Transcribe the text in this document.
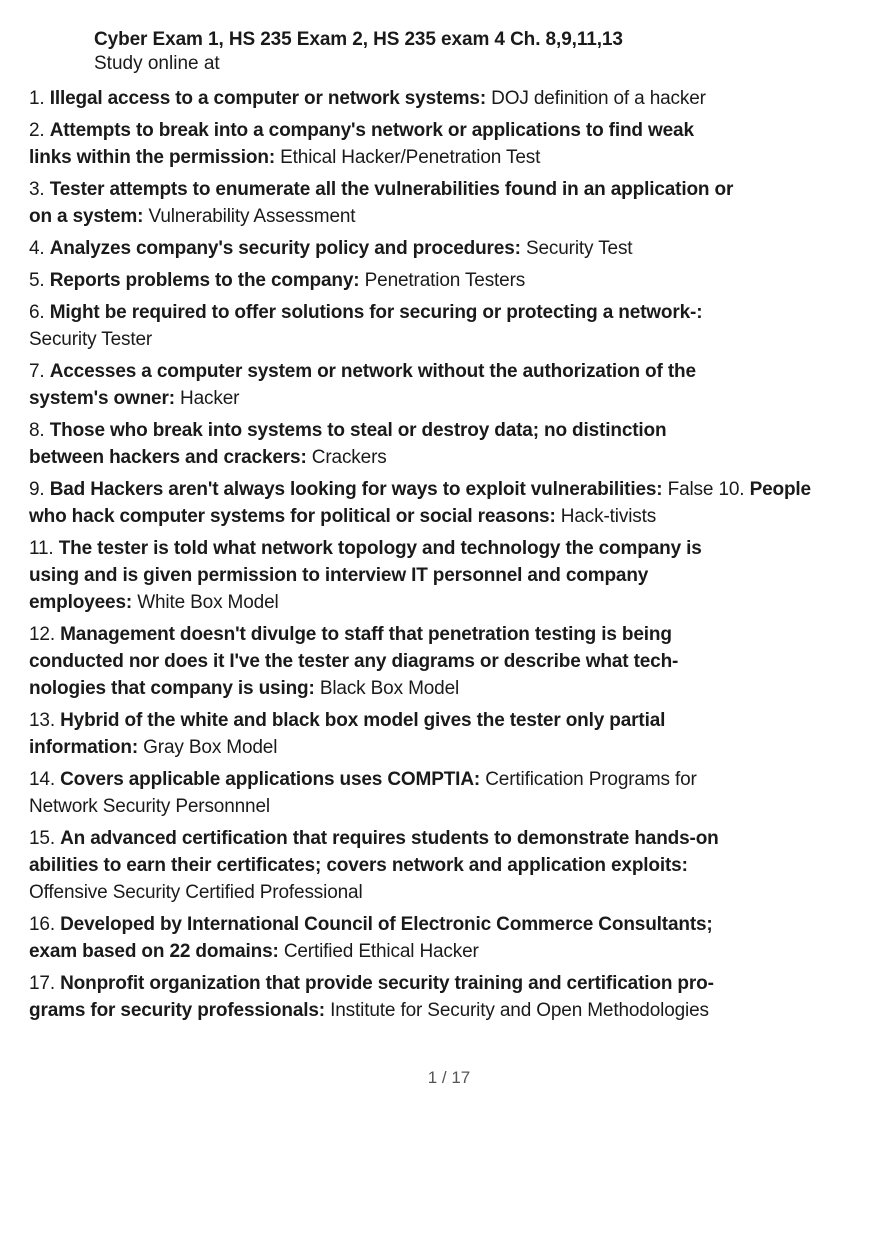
Cyber Exam 1, HS 235 Exam 2, HS 235 exam 4 Ch. 8,9,11,13
Study online at
1. Illegal access to a computer or network systems: DOJ definition of a hacker
2. Attempts to break into a company's network or applications to find weak links within the permission: Ethical Hacker/Penetration Test
3. Tester attempts to enumerate all the vulnerabilities found in an application or on a system: Vulnerability Assessment
4. Analyzes company's security policy and procedures: Security Test
5. Reports problems to the company: Penetration Testers
6. Might be required to offer solutions for securing or protecting a network-: Security Tester
7. Accesses a computer system or network without the authorization of the system's owner: Hacker
8. Those who break into systems to steal or destroy data; no distinction between hackers and crackers: Crackers
9. Bad Hackers aren't always looking for ways to exploit vulnerabilities: False 10. People who hack computer systems for political or social reasons: Hack-tivists
11. The tester is told what network topology and technology the company is using and is given permission to interview IT personnel and company employees: White Box Model
12. Management doesn't divulge to staff that penetration testing is being conducted nor does it I've the tester any diagrams or describe what tech-nologies that company is using: Black Box Model
13. Hybrid of the white and black box model gives the tester only partial information: Gray Box Model
14. Covers applicable applications uses COMPTIA: Certification Programs for Network Security Personnnel
15. An advanced certification that requires students to demonstrate hands-on abilities to earn their certificates; covers network and application exploits: Offensive Security Certified Professional
16. Developed by International Council of Electronic Commerce Consultants; exam based on 22 domains: Certified Ethical Hacker
17. Nonprofit organization that provide security training and certification pro-grams for security professionals: Institute for Security and Open Methodologies
1 / 17
